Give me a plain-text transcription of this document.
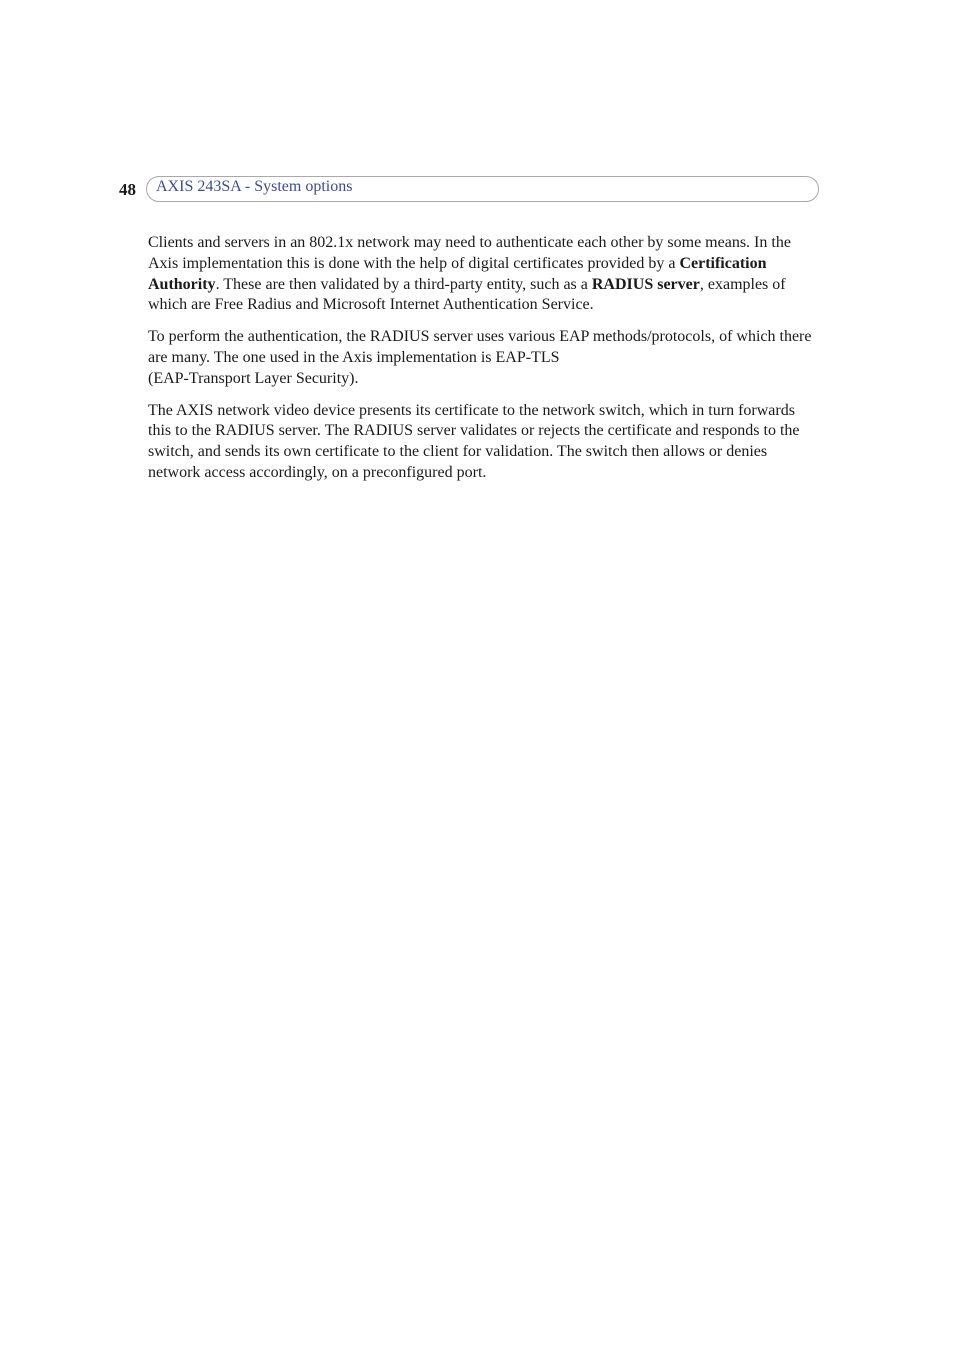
48 AXIS 243SA - System options

Clients and servers in an 802.1x network may need to authenticate each other by some means. In the Axis implementation this is done with the help of digital certificates provided by a Certification Authority. These are then validated by a third-party entity, such as a RADIUS server, examples of which are Free Radius and Microsoft Internet Authentication Service.

To perform the authentication, the RADIUS server uses various EAP methods/protocols, of which there are many. The one used in the Axis implementation is EAP-TLS
(EAP-Transport Layer Security).

The AXIS network video device presents its certificate to the network switch, which in turn forwards this to the RADIUS server. The RADIUS server validates or rejects the certificate and responds to the switch, and sends its own certificate to the client for validation. The switch then allows or denies network access accordingly, on a preconfigured port.
